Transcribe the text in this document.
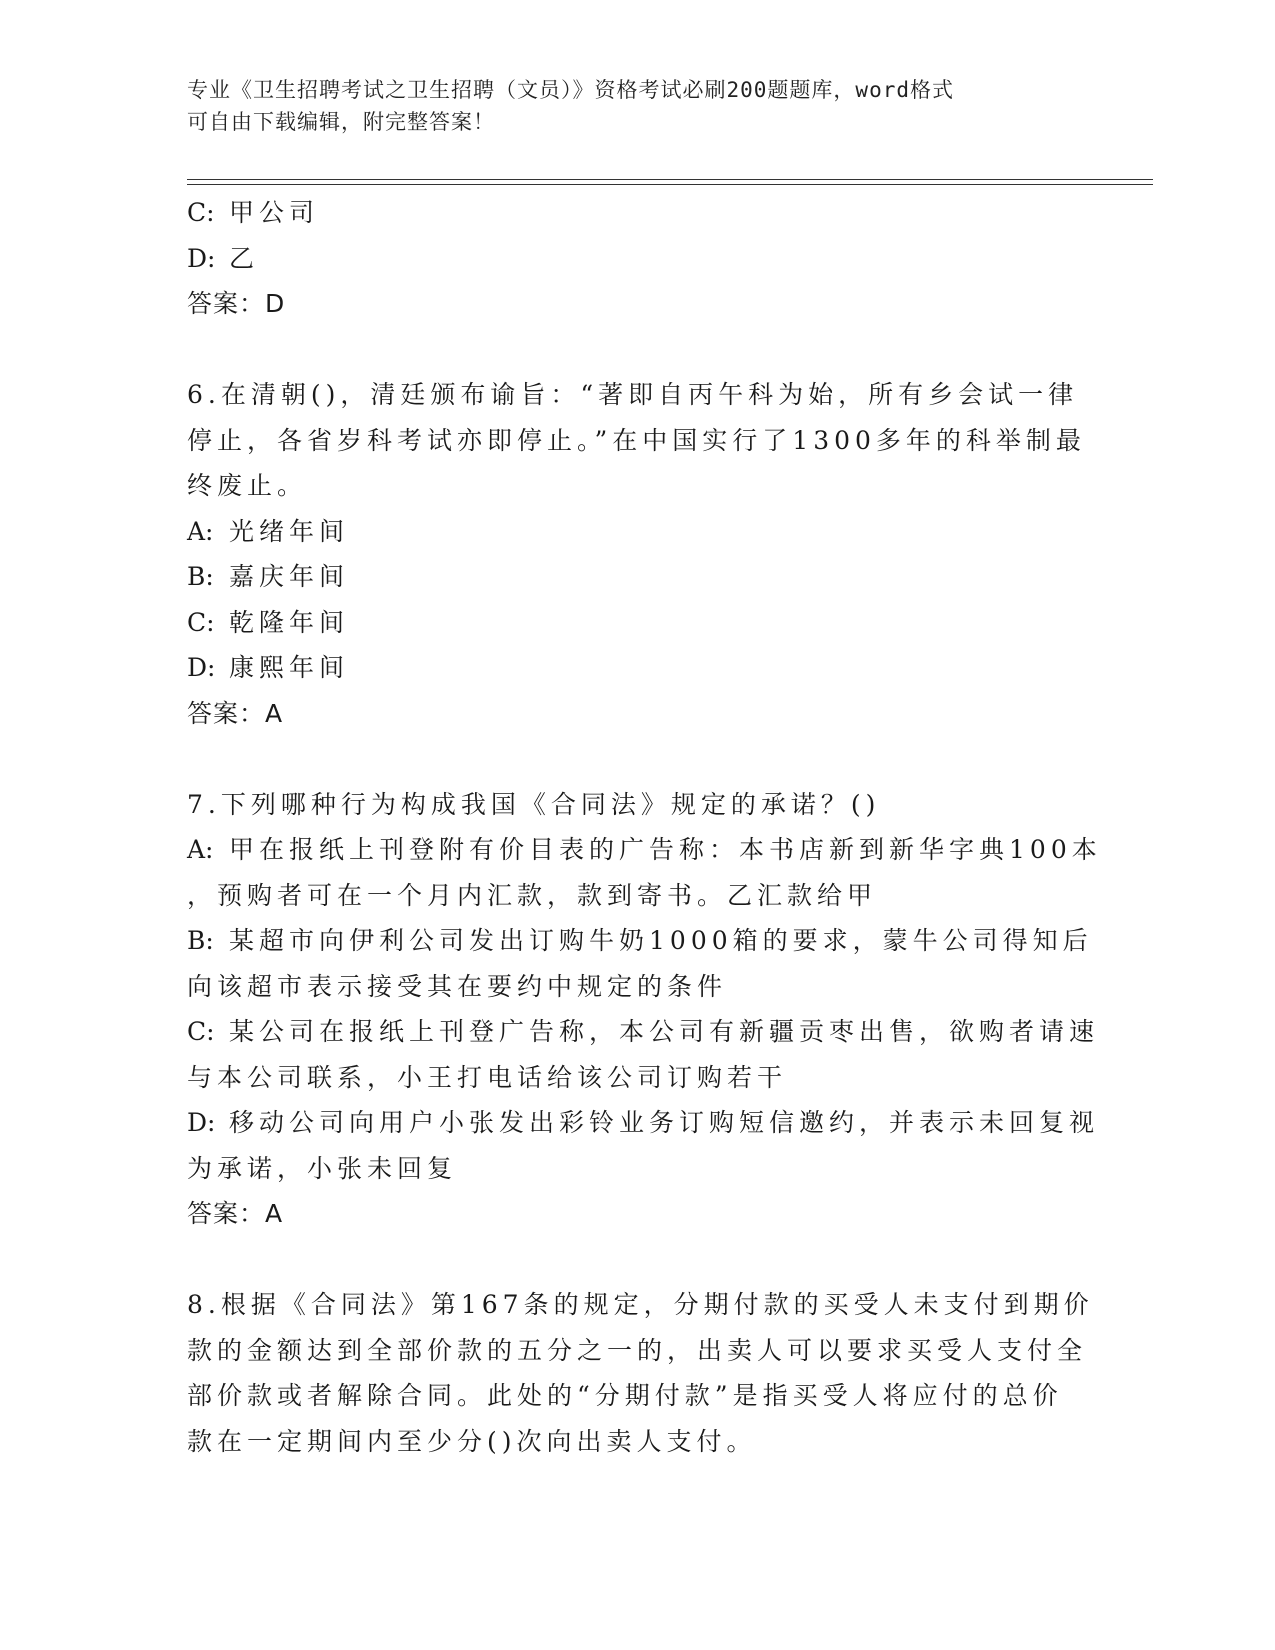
专业《卫生招聘考试之卫生招聘（文员）》资格考试必刷200题题库，word格式
可自由下载编辑，附完整答案！
C: 甲公司
D: 乙
答案：D
6.在清朝()，清廷颁布谕旨：“著即自丙午科为始，所有乡会试一律
停止，各省岁科考试亦即停止。”在中国实行了1300多年的科举制最
终废止。
A: 光绪年间
B: 嘉庆年间
C: 乾隆年间
D: 康熙年间
答案：A
7.下列哪种行为构成我国《合同法》规定的承诺？()
A: 甲在报纸上刊登附有价目表的广告称：本书店新到新华字典100本
，预购者可在一个月内汇款，款到寄书。乙汇款给甲
B: 某超市向伊利公司发出订购牛奶1000箱的要求，蒙牛公司得知后
向该超市表示接受其在要约中规定的条件
C: 某公司在报纸上刊登广告称，本公司有新疆贡枣出售，欲购者请速
与本公司联系，小王打电话给该公司订购若干
D: 移动公司向用户小张发出彩铃业务订购短信邀约，并表示未回复视
为承诺，小张未回复
答案：A
8.根据《合同法》第167条的规定，分期付款的买受人未支付到期价
款的金额达到全部价款的五分之一的，出卖人可以要求买受人支付全
部价款或者解除合同。此处的“分期付款”是指买受人将应付的总价
款在一定期间内至少分()次向出卖人支付。
